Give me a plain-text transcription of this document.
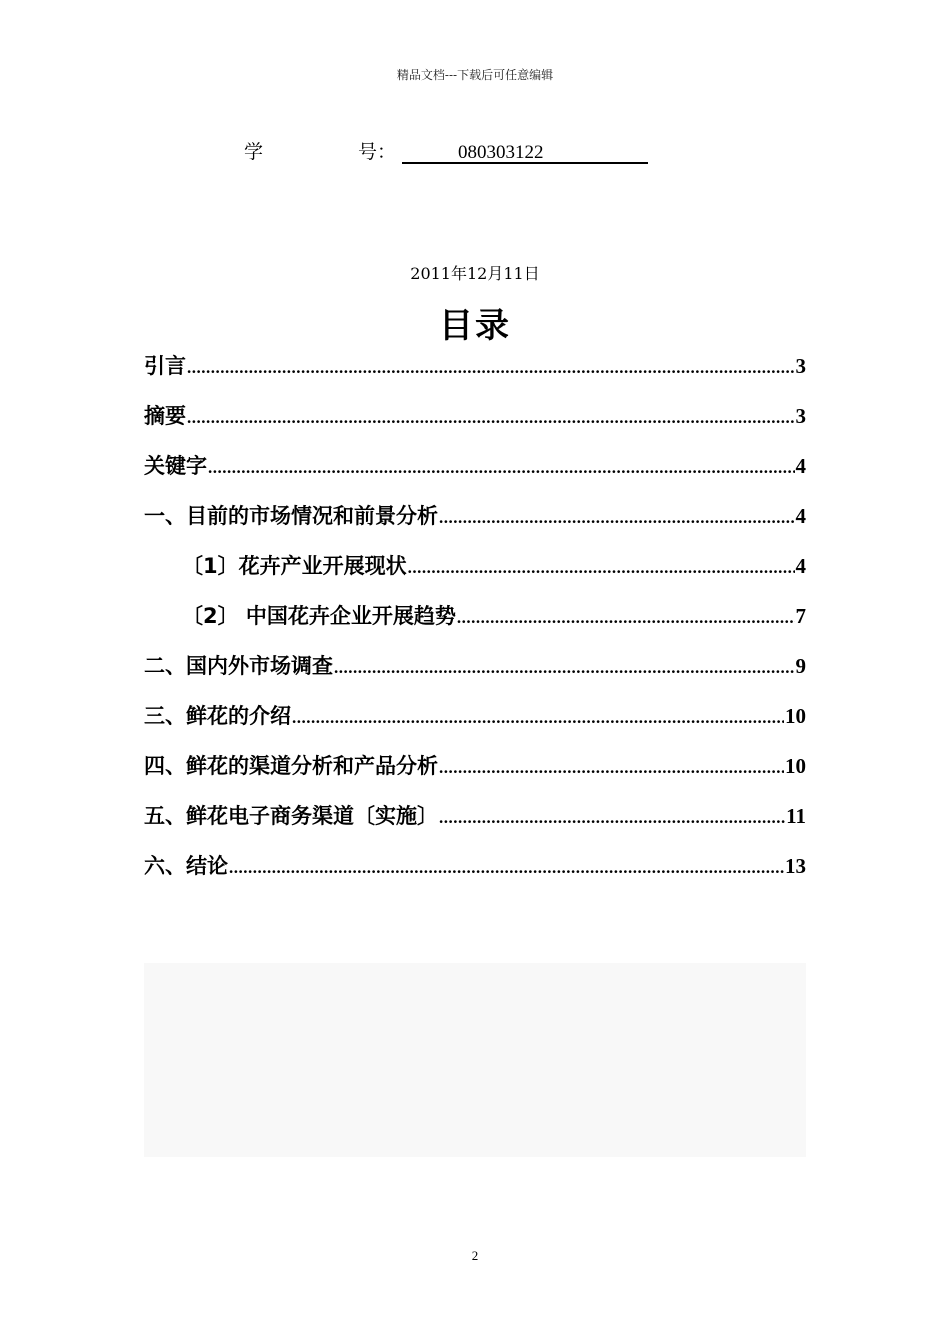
精品文档---下载后可任意编辑
学	号：	080303122
2011年12月11日
目录
引言 .....	3
摘要 .....	3
关键字 .....	4
一、目前的市场情况和前景分析 .....	4
〔1〕花卉产业开展现状 .....	4
〔2〕 中国花卉企业开展趋势 .....	7
二、国内外市场调查 .....	9
三、鲜花的介绍 .....	10
四、鲜花的渠道分析和产品分析 .....	10
五、鲜花电子商务渠道〔实施〕 .....	11
六、结论 .....	13
2
